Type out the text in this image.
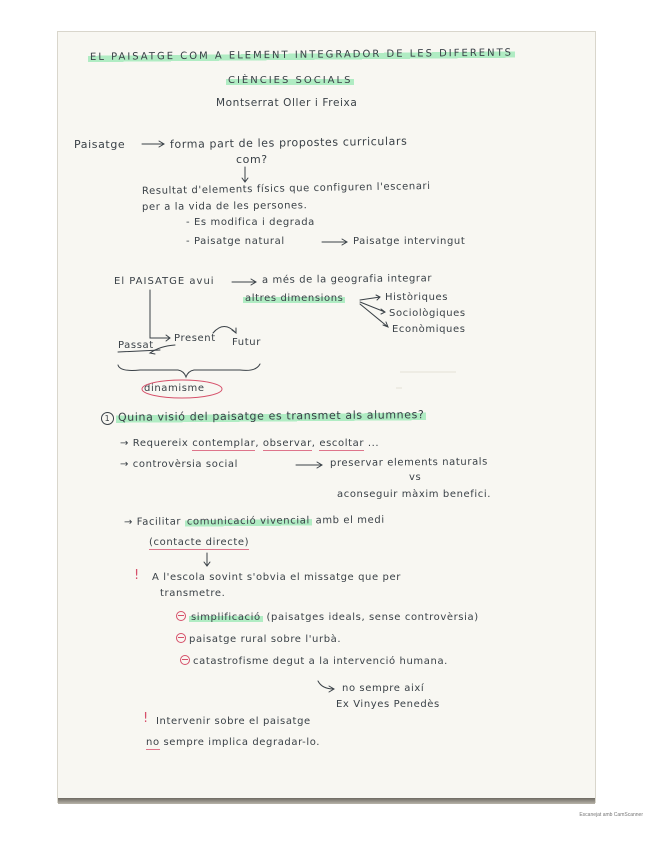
EL PAISATGE COM A ELEMENT INTEGRADOR DE LES DIFERENTS
CIÈNCIES SOCIALS
Montserrat Oller i Freixa
Paisatge	forma part de les propostes curriculars
com?
Resultat d'elements físics que configuren l'escenari
per a la vida de les persones.
- Es modifica i degrada
- Paisatge natural	Paisatge intervingut
El PAISATGE avui	a més de la geografia integrar
altres dimensions	Històriques
Sociològiques
Econòmiques
Passat
Present Futur
dinamisme
1 Quina visió del paisatge es transmet als alumnes?
→ Requereix contemplar, observar, escoltar ...
→ controvèrsia social	preservar elements naturals
vs
aconseguir màxim benefici.
→ Facilitar comunicació vivencial amb el medi
(contacte directe)
! A l'escola sovint s'obvia el missatge que per
transmetre.
simplificació (paisatges ideals, sense controvèrsia)
paisatge rural sobre l'urbà.
catastrofisme degut a la intervenció humana.
no sempre així
Ex Vinyes Penedès
! Intervenir sobre el paisatge
no sempre implica degradar-lo.
Escanejat amb CamScanner
